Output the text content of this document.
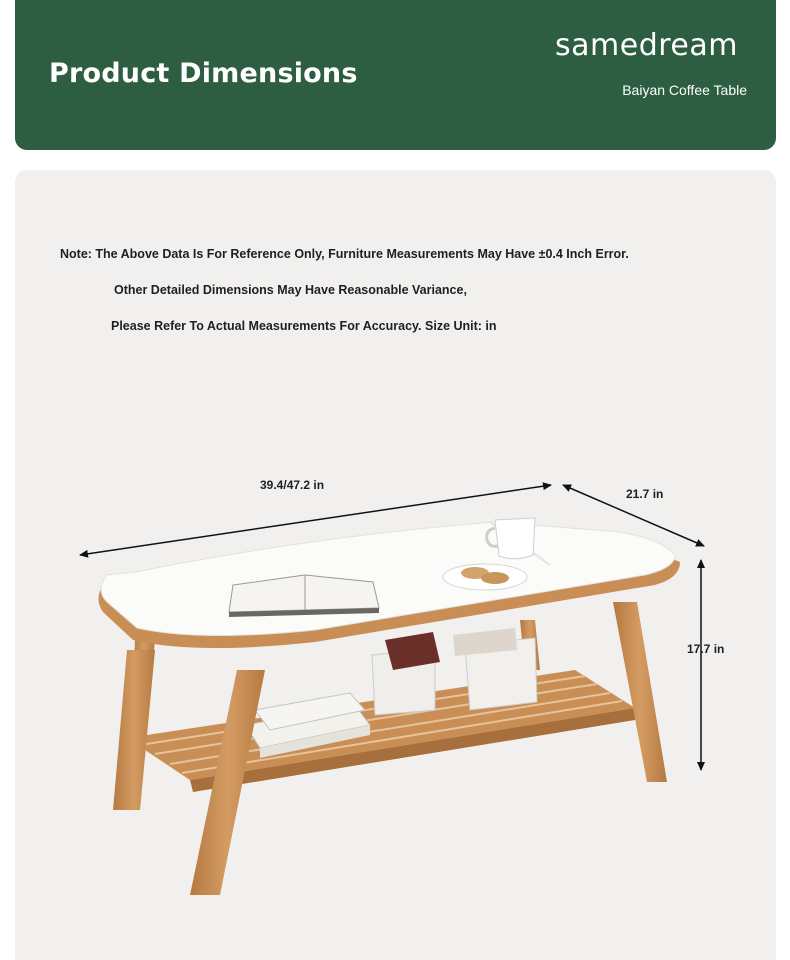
Product Dimensions
samedream
Baiyan Coffee Table
Note: The Above Data Is For Reference Only, Furniture Measurements May Have ±0.4 Inch Error.
Other Detailed Dimensions May Have Reasonable Variance,
Please Refer To Actual Measurements For Accuracy. Size Unit: in
39.4/47.2 in
21.7 in
17.7 in
